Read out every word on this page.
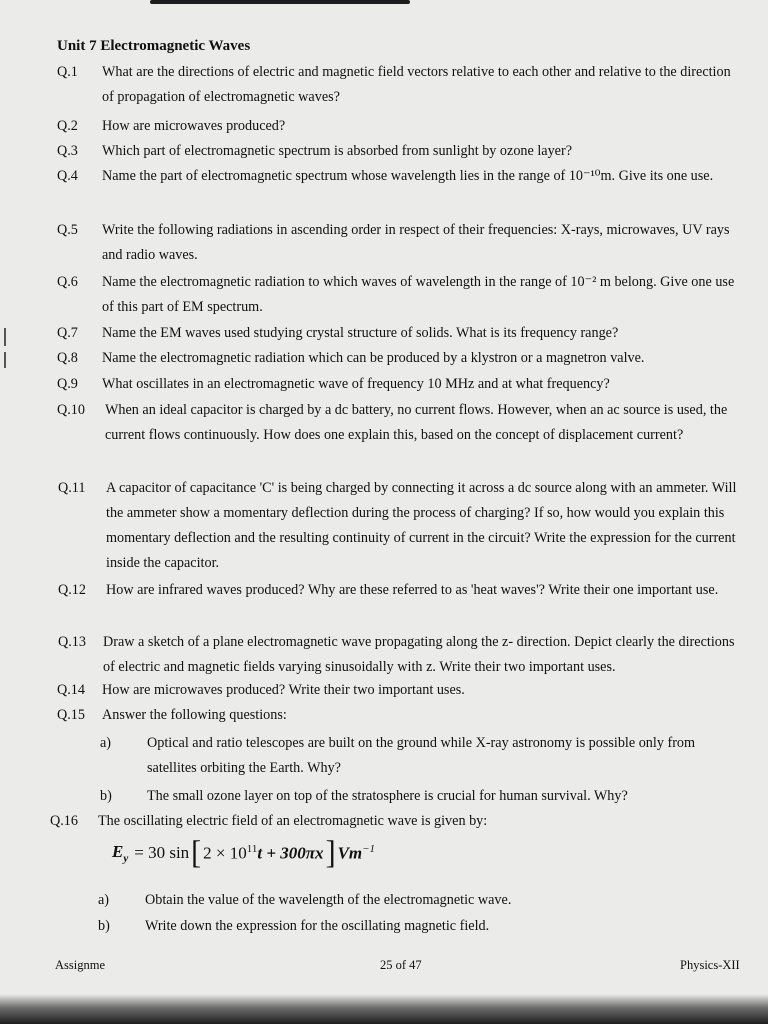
Unit 7 Electromagnetic Waves
Q.1	What are the directions of electric and magnetic field vectors relative to each other and relative to the direction of propagation of electromagnetic waves?
Q.2	How are microwaves produced?
Q.3	Which part of electromagnetic spectrum is absorbed from sunlight by ozone layer?
Q.4	Name the part of electromagnetic spectrum whose wavelength lies in the range of 10⁻¹⁰m. Give its one use.
Q.5	Write the following radiations in ascending order in respect of their frequencies: X-rays, microwaves, UV rays and radio waves.
Q.6	Name the electromagnetic radiation to which waves of wavelength in the range of 10⁻² m belong. Give one use of this part of EM spectrum.
Q.7	Name the EM waves used studying crystal structure of solids. What is its frequency range?
Q.8	Name the electromagnetic radiation which can be produced by a klystron or a magnetron valve.
Q.9	What oscillates in an electromagnetic wave of frequency 10 MHz and at what frequency?
Q.10	When an ideal capacitor is charged by a dc battery, no current flows. However, when an ac source is used, the current flows continuously. How does one explain this, based on the concept of displacement current?
Q.11	A capacitor of capacitance 'C' is being charged by connecting it across a dc source along with an ammeter. Will the ammeter show a momentary deflection during the process of charging? If so, how would you explain this momentary deflection and the resulting continuity of current in the circuit? Write the expression for the current inside the capacitor.
Q.12	How are infrared waves produced? Why are these referred to as 'heat waves'? Write their one important use.
Q.13	Draw a sketch of a plane electromagnetic wave propagating along the z- direction. Depict clearly the directions of electric and magnetic fields varying sinusoidally with z. Write their two important uses.
Q.14	How are microwaves produced? Write their two important uses.
Q.15	Answer the following questions:
a)	Optical and ratio telescopes are built on the ground while X-ray astronomy is possible only from satellites orbiting the Earth. Why?
b)	The small ozone layer on top of the stratosphere is crucial for human survival. Why?
Q.16	The oscillating electric field of an electromagnetic wave is given by:
$E_y = 30$ sin [ $2 \times 10^{11}t + 300\pi x$ ] $Vm^{-1}$
a)	Obtain the value of the wavelength of the electromagnetic wave.
b)	Write down the expression for the oscillating magnetic field.
Assignme	25 of 47	Physics-XII
